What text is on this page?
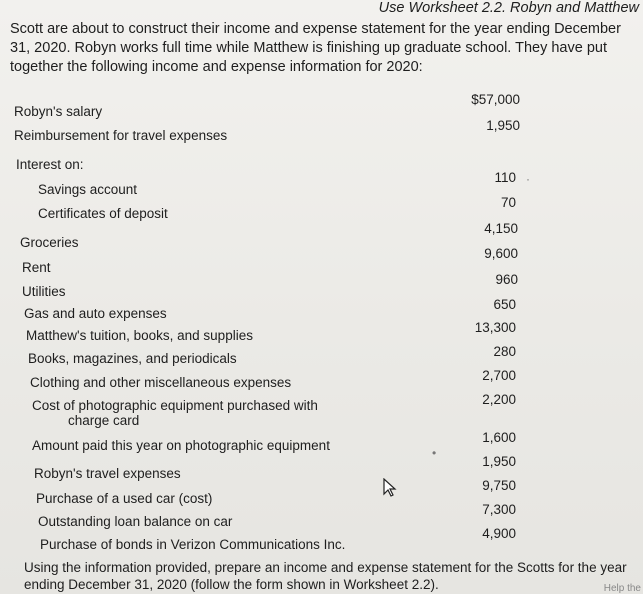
Use Worksheet 2.2. Robyn and Matthew
Scott are about to construct their income and expense statement for the year ending December 31, 2020. Robyn works full time while Matthew is finishing up graduate school. They have put together the following income and expense information for 2020:
Robyn's salary
Reimbursement for travel expenses
Interest on:
Savings account
Certificates of deposit
Groceries
Rent
Utilities
Gas and auto expenses
Matthew's tuition, books, and supplies
Books, magazines, and periodicals
Clothing and other miscellaneous expenses
Cost of photographic equipment purchased with

charge card
Amount paid this year on photographic equipment
Robyn's travel expenses
Purchase of a used car (cost)
Outstanding loan balance on car
Purchase of bonds in Verizon Communications Inc.
$57,000
1,950
110 ·
70
4,150
9,600
960
650
13,300
280
2,700
2,200
•
1,600
1,950
9,750
7,300
4,900
Using the information provided, prepare an income and expense statement for the Scotts for the year ending December 31, 2020 (follow the form shown in Worksheet 2.2).	Help the
